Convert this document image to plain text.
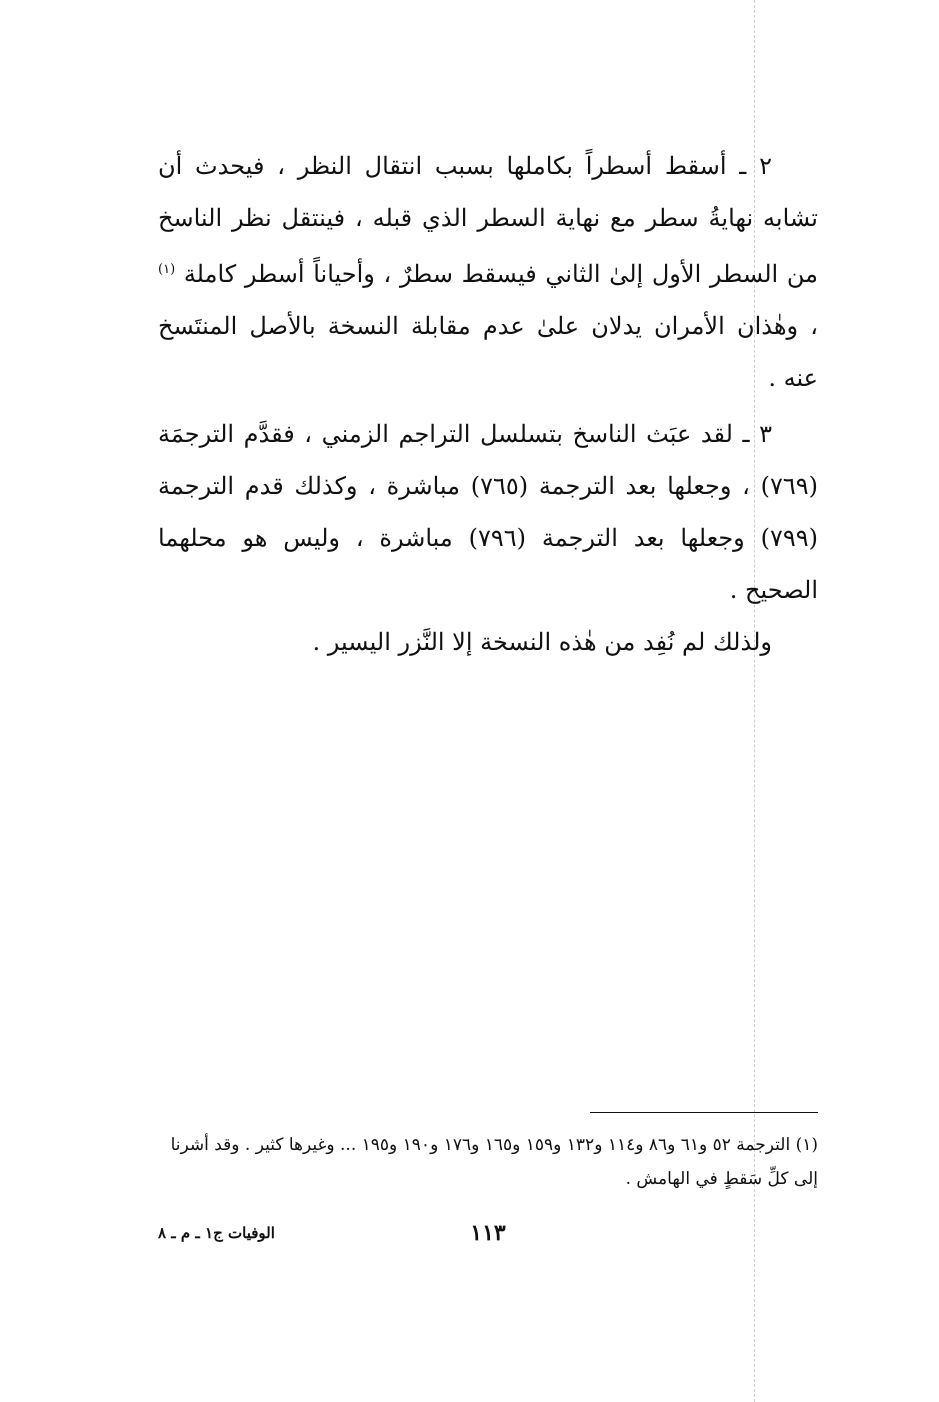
٢ ـ أسقط أسطراً بكاملها بسبب انتقال النظر ، فيحدث أن تشابه نهايةُ سطر مع نهاية السطر الذي قبله ، فينتقل نظر الناسخ من السطر الأول إلىٰ الثاني فيسقط سطرٌ ، وأحياناً أسطر كاملة $^{(١)}$ ، وهٰذان الأمران يدلان علىٰ عدم مقابلة النسخة بالأصل المنتَسخ عنه .

٣ ـ لقد عبَث الناسخ بتسلسل التراجم الزمني ، فقدَّم الترجمَة (٧٦٩) ، وجعلها بعد الترجمة (٧٦٥) مباشرة ، وكذلك قدم الترجمة (٧٩٩) وجعلها بعد الترجمة (٧٩٦) مباشرة ، وليس هو محلهما الصحيح .

ولذلك لم نُفِد من هٰذه النسخة إلا النَّزر اليسير .

(١) الترجمة ٥٢ و٦١ و٨٦ و١١٤ و١٣٢ و١٥٩ و١٦٥ و١٧٦ و١٩٠ و١٩٥ ... وغيرها كثير . وقد أشرنا إلى كلِّ سَقطٍ في الهامش .

١١٣
الوفيات ج١ ـ م ـ ٨
